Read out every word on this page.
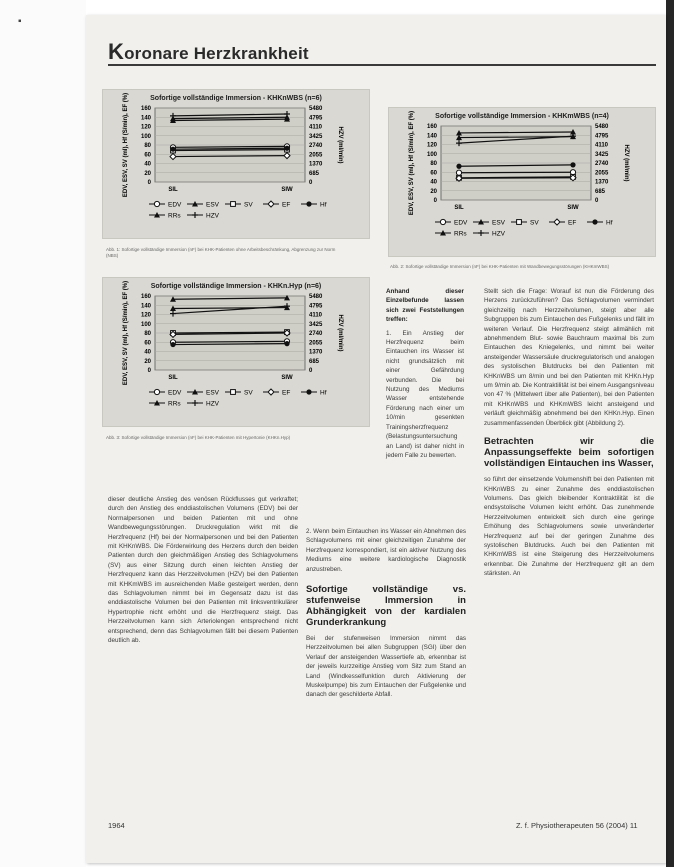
▪
Koronare Herzkrankheit
Sofortige vollständige Immersion - KHKnWBS (n=6)
160
140
120
100
80
60
40
20
0
5480
4795
4110
3425
2740
2055
1370
685
0
EDV, ESV, SV (ml), Hf (S/min), EF (%)	HZV (ml/min)
SIL	SIW
EDV	ESV	SV	EF	Hf
RRs	HZV
Sofortige vollständige Immersion - KHKmWBS (n=4)
160
140
120
100
80
60
40
20
0
5480
4795
4110
3425
2740
2055
1370
685
0
EDV, ESV, SV (ml), Hf (S/min), EF (%)	HZV (ml/min)
SIL	SIW
EDV	ESV	SV	EF	Hf
RRs	HZV
Sofortige vollständige Immersion - KHKn.Hyp (n=6)
160
140
120
100
80
60
40
20
0
5480
4795
4110
3425
2740
2055
1370
685
0
EDV, ESV, SV (ml), Hf (S/min), EF (%)	HZV (ml/min)
SIL	SIW
EDV	ESV	SV	EF	Hf
RRs	HZV
Abb. 1: Sofortige vollständige Immersion (nF) bei KHK-Patienten ohne Arbeitsbeschränkung, Abgrenzung zur Norm (NBS)
Abb. 2: Sofortige vollständige Immersion (nF) bei KHK-Patienten mit Wandbewegungsstörungen (KHKmWBS)
Abb. 3: Sofortige vollständige Immersion (nF) bei KHK-Patienten mit Hypertonie (KHKn.Hyp)
Anhand dieser Einzelbefunde lassen sich zwei Feststellungen treffen:
1. Ein Anstieg der Herzfrequenz beim Eintauchen ins Wasser ist nicht grundsätzlich mit einer Gefährdung verbunden. Die bei Nutzung des Mediums Wasser entstehende Förderung nach einer um 10/min gesenkten Trainingsherzfrequenz (Belastungsuntersuchung an Land) ist daher nicht in jedem Falle zu bewerten.
dieser deutliche Anstieg des venösen Rückflusses gut verkraftet; durch den Anstieg des enddiastolischen Volumens (EDV) bei der Normalpersonen und beiden Patienten mit und ohne Wandbewegungsstörungen. Druckregulation wirkt mit die Herzfrequenz (Hf) bei der Normalpersonen und bei den Patienten mit KHKnWBS. Die Förderwirkung des Herzens durch den beiden Patienten durch den gleichmäßigen Anstieg des Schlagvolumens (SV) aus einer Sitzung durch einen leichten Anstieg der Herzfrequenz kann das Herzzeitvolumen (HZV) bei den Patienten mit KHKmWBS im ausreichenden Maße gesteigert werden, denn das Schlagvolumen nimmt bei im Gegensatz dazu ist das enddiastolische Volumen bei den Patienten mit linksventrikulärer Hypertrophie nicht erhöht und die Herzfrequenz steigt. Das Herzzeitvolumen kann sich Arteriolengen entsprechend nicht entsprechend, denn das Schlagvolumen fällt bei diesem Patienten deutlich ab.
2. Wenn beim Eintauchen ins Wasser ein Abnehmen des Schlagvolumens mit einer gleichzeitigen Zunahme der Herzfrequenz korrespondiert, ist ein aktiver Nutzung des Mediums eine weitere kardiologische Diagnostik anzustreben.
Sofortige vollständige vs. stufenweise Immersion in Abhängigkeit von der kardialen Grunderkrankung
Bei der stufenweisen Immersion nimmt das Herzzeitvolumen bei allen Subgruppen (SGI) über den Verlauf der ansteigenden Wassertiefe ab, erkennbar ist der jeweils kurzzeitige Anstieg vom Sitz zum Stand an Land (Windkesselfunktion durch Aktivierung der Muskelpumpe) bis zum Eintauchen der Fußgelenke und danach der geschilderte Abfall.
Stellt sich die Frage: Worauf ist nun die Förderung des Herzens zurückzuführen? Das Schlagvolumen vermindert gleichzeitig nach Herzzeitvolumen, steigt aber alle Subgruppen bis zum Eintauchen des Fußgelenks und fällt im weiteren Verlauf. Die Herzfrequenz steigt allmählich mit abnehmendem Blut- sowie Bauchraum maximal bis zum Eintauchen des Kniegelenks, und nimmt bei weiter ansteigender Wassersäule druckregulatorisch und analogen des systolischen Blutdrucks bei den Patienten mit KHKnWBS um 8/min und bei den Patienten mit KHKn.Hyp um 9/min ab. Die Kontraktilität ist bei einem Ausgangsniveau von 47 % (Mittelwert über alle Patienten), bei den Patienten mit KHKnWBS und KHKmWBS leicht ansteigend und verläuft gleichmäßig abnehmend bei den KHKn.Hyp. Einen zusammenfassenden Überblick gibt (Abbildung 2).
Betrachten wir die Anpassungseffekte beim sofortigen vollständigen Eintauchen ins Wasser,
so führt der einsetzende Volumenshift bei den Patienten mit KHKnWBS zu einer Zunahme des enddiastolischen Volumens. Das gleich bleibender Kontraktilität ist die endsystolische Volumen leicht erhöht. Das zunehmende Herzzeitvolumen entwickelt sich durch eine geringe Erhöhung des Schlagvolumens sowie unveränderter Herzfrequenz auf bei der geringen Zunahme des systolischen Blutdrucks. Auch bei den Patienten mit KHKmWBS ist eine Steigerung des Herzzeitvolumens erkennbar. Die Zunahme der Herzfrequenz gilt an dem stärksten. An
1964	Z. f. Physiotherapeuten 56 (2004) 11
